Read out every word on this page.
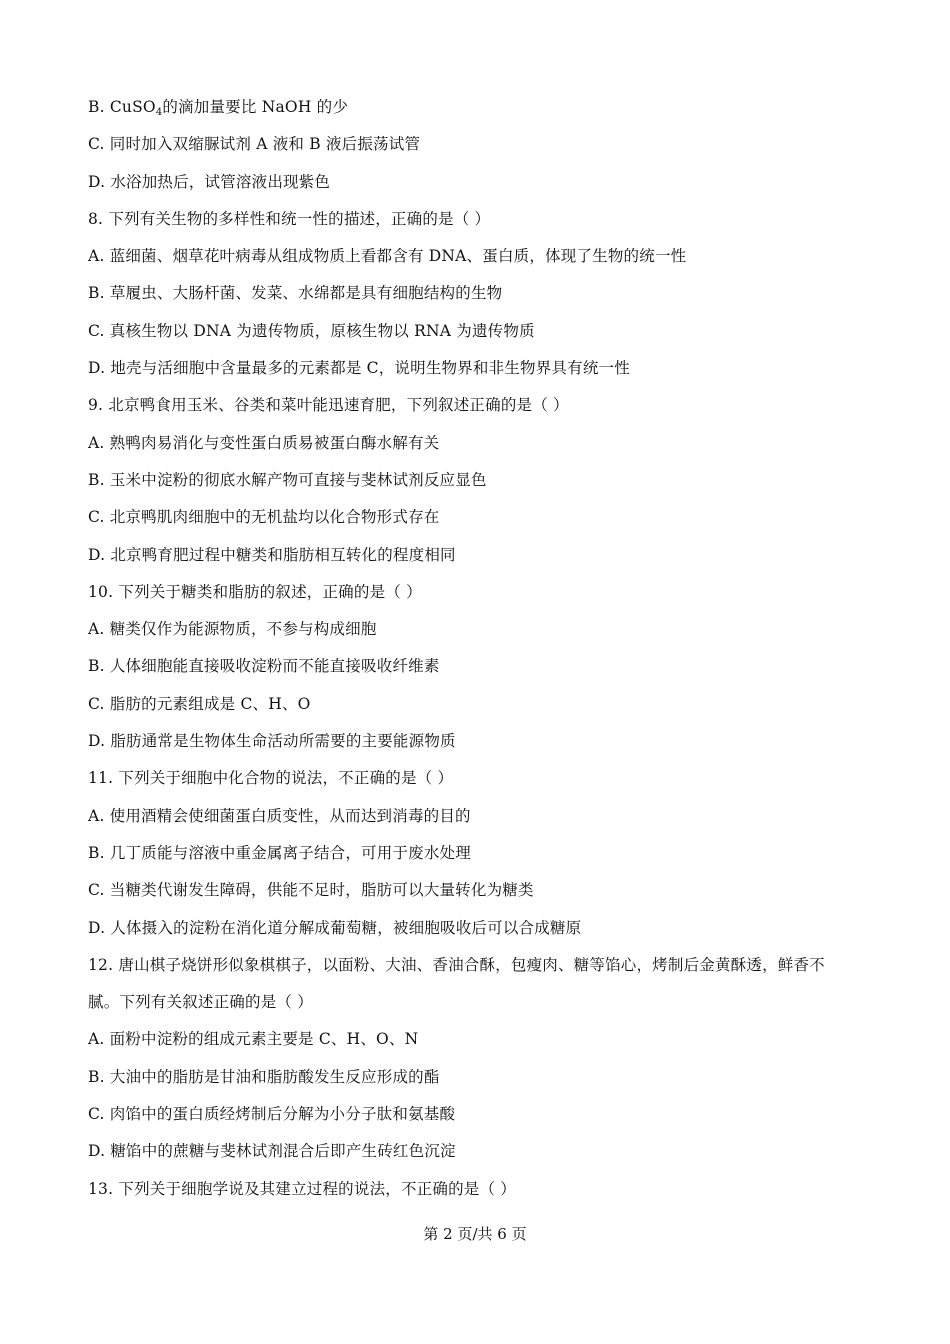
B. CuSO$_4$的滴加量要比 NaOH 的少
C. 同时加入双缩脲试剂 A 液和 B 液后振荡试管
D. 水浴加热后，试管溶液出现紫色
8. 下列有关生物的多样性和统一性的描述，正确的是（ ）
A. 蓝细菌、烟草花叶病毒从组成物质上看都含有 DNA、蛋白质，体现了生物的统一性
B. 草履虫、大肠杆菌、发菜、水绵都是具有细胞结构的生物
C. 真核生物以 DNA 为遗传物质，原核生物以 RNA 为遗传物质
D. 地壳与活细胞中含量最多的元素都是 C，说明生物界和非生物界具有统一性
9. 北京鸭食用玉米、谷类和菜叶能迅速育肥，下列叙述正确的是（ ）
A. 熟鸭肉易消化与变性蛋白质易被蛋白酶水解有关
B. 玉米中淀粉的彻底水解产物可直接与斐林试剂反应显色
C. 北京鸭肌肉细胞中的无机盐均以化合物形式存在
D. 北京鸭育肥过程中糖类和脂肪相互转化的程度相同
10. 下列关于糖类和脂肪的叙述，正确的是（ ）
A. 糖类仅作为能源物质，不参与构成细胞
B. 人体细胞能直接吸收淀粉而不能直接吸收纤维素
C. 脂肪的元素组成是 C、H、O
D. 脂肪通常是生物体生命活动所需要的主要能源物质
11. 下列关于细胞中化合物的说法，不正确的是（ ）
A. 使用酒精会使细菌蛋白质变性，从而达到消毒的目的
B. 几丁质能与溶液中重金属离子结合，可用于废水处理
C. 当糖类代谢发生障碍，供能不足时，脂肪可以大量转化为糖类
D. 人体摄入的淀粉在消化道分解成葡萄糖，被细胞吸收后可以合成糖原
12. 唐山棋子烧饼形似象棋棋子，以面粉、大油、香油合酥，包瘦肉、糖等馅心，烤制后金黄酥透，鲜香不
腻。下列有关叙述正确的是（ ）
A. 面粉中淀粉的组成元素主要是 C、H、O、N
B. 大油中的脂肪是甘油和脂肪酸发生反应形成的酯
C. 肉馅中的蛋白质经烤制后分解为小分子肽和氨基酸
D. 糖馅中的蔗糖与斐林试剂混合后即产生砖红色沉淀
13. 下列关于细胞学说及其建立过程的说法，不正确的是（ ）
第 2 页/共 6 页
